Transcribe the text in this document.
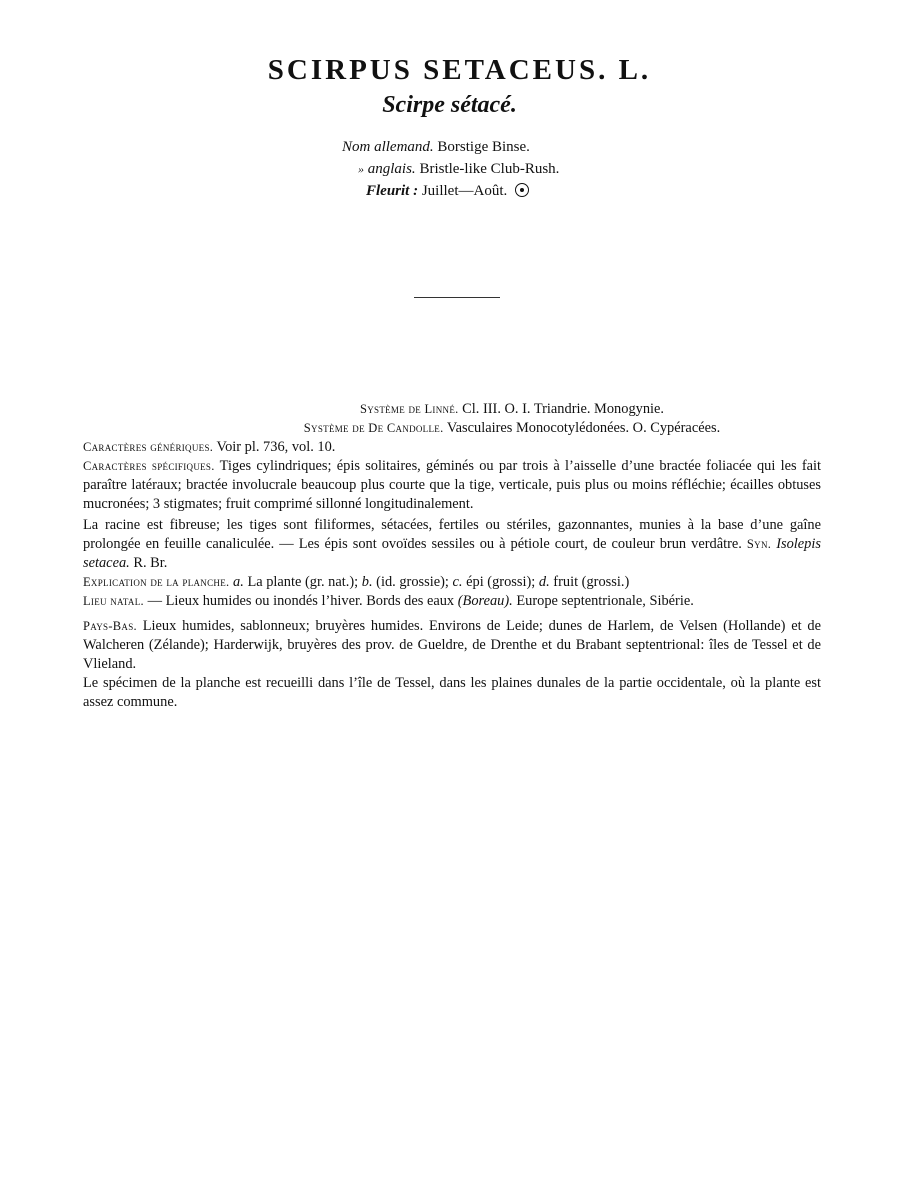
SCIRPUS SETACEUS. L.
Scirpe sétacé.
Nom allemand. Borstige Binse.
» anglais. Bristle-like Club-Rush.
Fleurit : Juillet—Août.
Système de Linné. Cl. III. O. I. Triandrie. Monogynie.
Système de De Candolle. Vasculaires Monocotylédonées. O. Cypéracées.

Caractères génériques. Voir pl. 736, vol. 10.

Caractères spécifiques. Tiges cylindriques; épis solitaires, géminés ou par trois à l’aisselle d’une bractée foliacée qui les fait paraître latéraux; bractée involucrale beaucoup plus courte que la tige, verticale, puis plus ou moins réfléchie; écailles obtuses mucronées; 3 stigmates; fruit comprimé sillonné longitudinalement.

La racine est fibreuse; les tiges sont filiformes, sétacées, fertiles ou stériles, gazonnantes, munies à la base d’une gaîne prolongée en feuille canaliculée. — Les épis sont ovoïdes sessiles ou à pétiole court, de couleur brun verdâtre. Syn. Isolepis setacea. R. Br.

Explication de la planche. a. La plante (gr. nat.); b. (id. grossie); c. épi (grossi); d. fruit (grossi.)

Lieu natal. — Lieux humides ou inondés l’hiver. Bords des eaux (Boreau). Europe septentrionale, Sibérie.

Pays-Bas. Lieux humides, sablonneux; bruyères humides. Environs de Leide; dunes de Harlem, de Velsen (Hollande) et de Walcheren (Zélande); Harderwijk, bruyères des prov. de Gueldre, de Drenthe et du Brabant septentrional: îles de Tessel et de Vlieland.

Le spécimen de la planche est recueilli dans l’île de Tessel, dans les plaines dunales de la partie occidentale, où la plante est assez commune.
